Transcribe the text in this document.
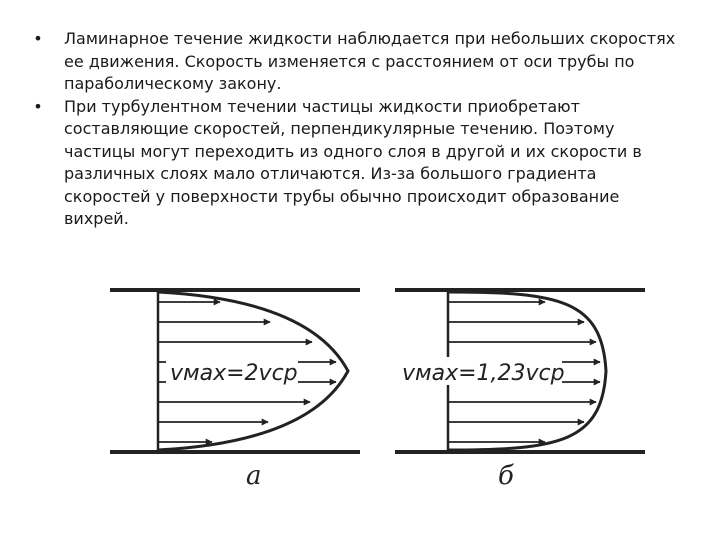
•	Ламинарное течение жидкости наблюдается при небольших скоростях ее движения. Скорость изменяется с расстоянием от оси трубы по параболическому закону.
•	При турбулентном течении частицы жидкости приобретают составляющие скоростей, перпендикулярные течению. Поэтому частицы могут переходить из одного слоя в другой и их скорости в различных слоях мало отличаются. Из-за большого градиента скоростей у поверхности трубы обычно происходит образование вихрей.
vмах=2vср
а
vмах=1,23vср
б
